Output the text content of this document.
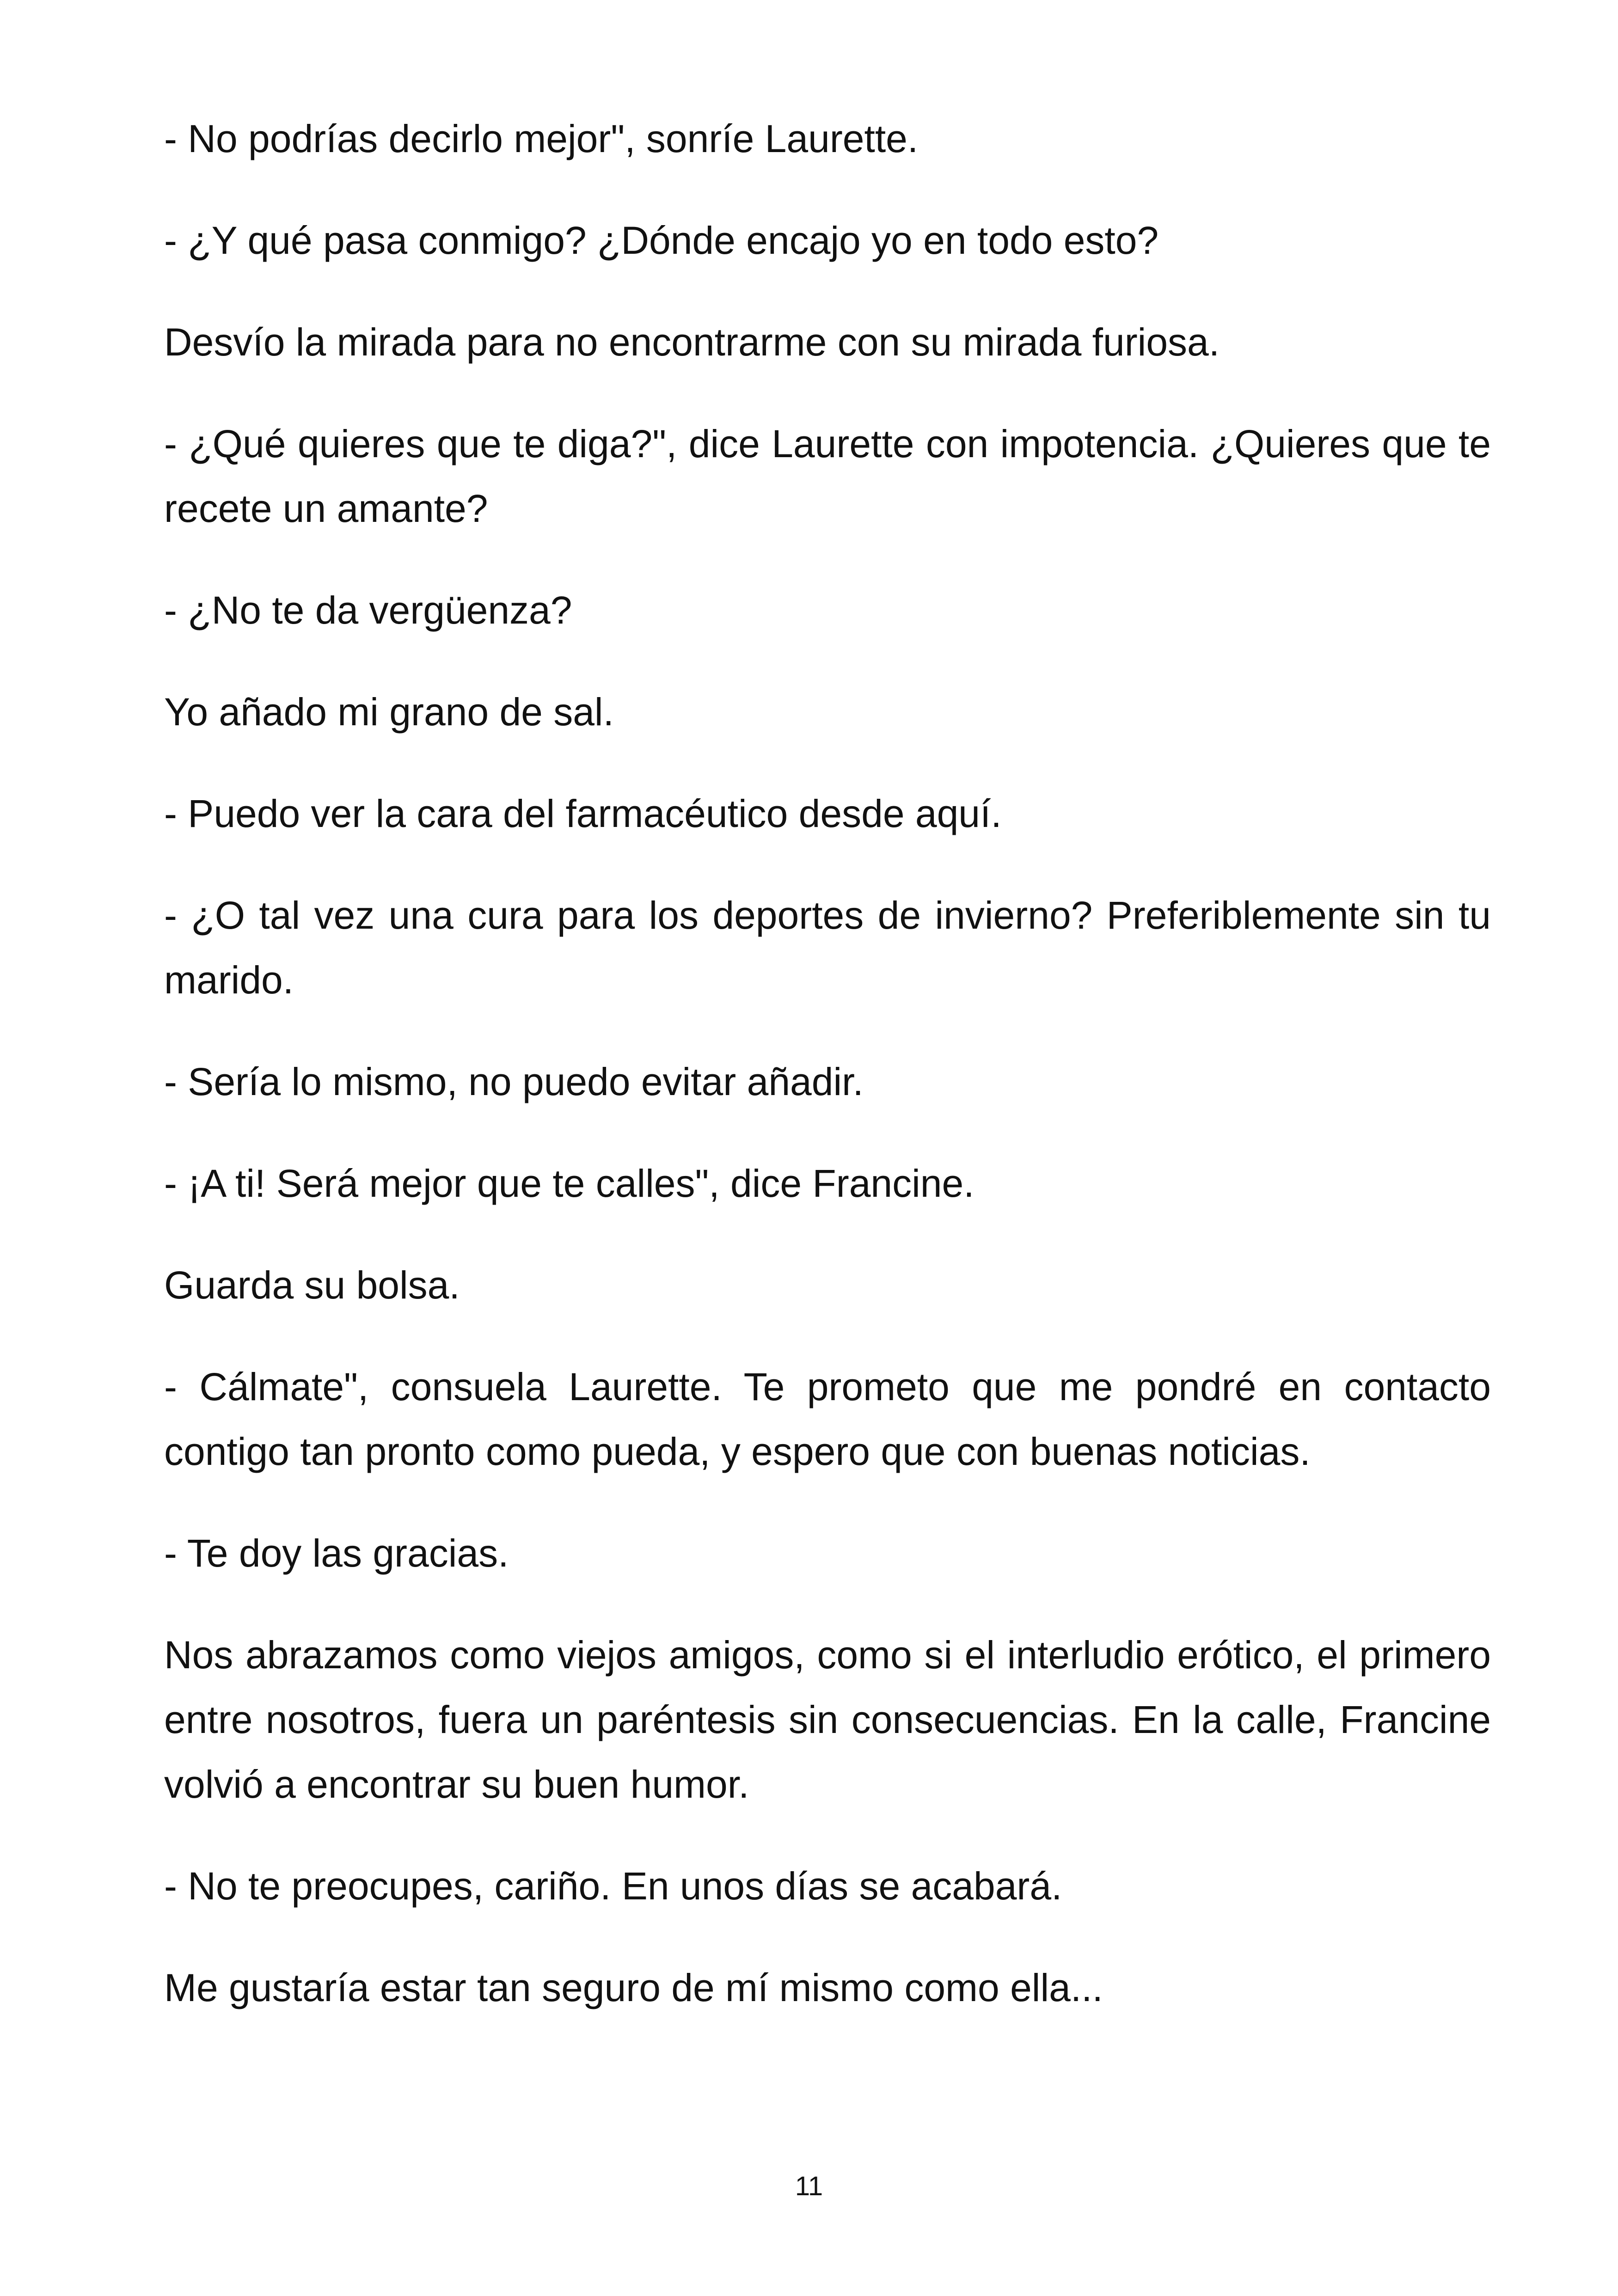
- No podrías decirlo mejor", sonríe Laurette.

- ¿Y qué pasa conmigo? ¿Dónde encajo yo en todo esto?

Desvío la mirada para no encontrarme con su mirada furiosa.

- ¿Qué quieres que te diga?", dice Laurette con impotencia. ¿Quieres que te recete un amante?

- ¿No te da vergüenza?

Yo añado mi grano de sal.

- Puedo ver la cara del farmacéutico desde aquí.

- ¿O tal vez una cura para los deportes de invierno? Preferiblemente sin tu marido.

- Sería lo mismo, no puedo evitar añadir.

- ¡A ti! Será mejor que te calles", dice Francine.

Guarda su bolsa.

- Cálmate", consuela Laurette. Te prometo que me pondré en contacto contigo tan pronto como pueda, y espero que con buenas noticias.

- Te doy las gracias.

Nos abrazamos como viejos amigos, como si el interludio erótico, el primero entre nosotros, fuera un paréntesis sin consecuencias. En la calle, Francine volvió a encontrar su buen humor.

- No te preocupes, cariño. En unos días se acabará.

Me gustaría estar tan seguro de mí mismo como ella...

11
